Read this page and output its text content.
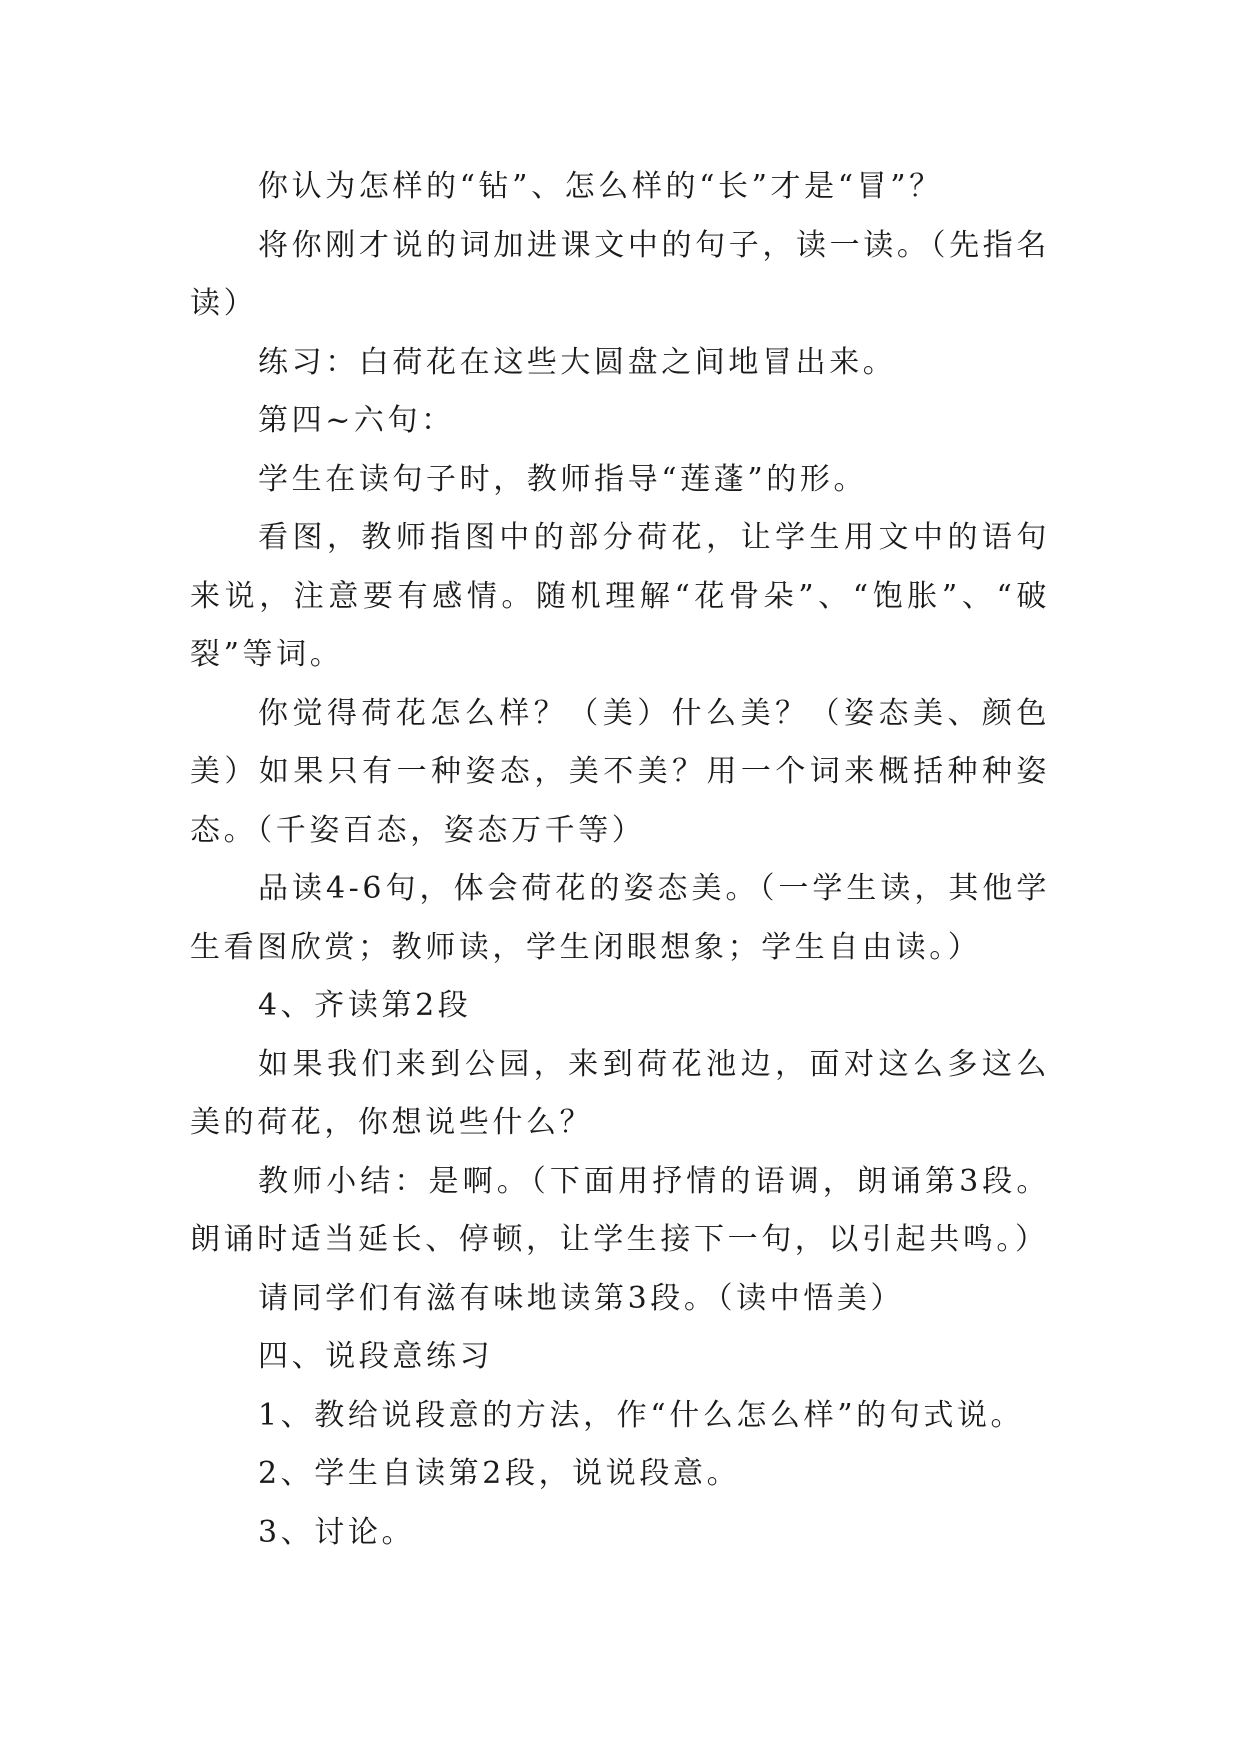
你认为怎样的“钻”、怎么样的“长”才是“冒”？

将你刚才说的词加进课文中的句子，读一读。（先指名读）

练习：白荷花在这些大圆盘之间地冒出来。

第四~六句：

学生在读句子时，教师指导“莲蓬”的形。

看图，教师指图中的部分荷花，让学生用文中的语句来说，注意要有感情。随机理解“花骨朵”、“饱胀”、“破裂”等词。

你觉得荷花怎么样？（美）什么美？（姿态美、颜色美）如果只有一种姿态，美不美？用一个词来概括种种姿态。（千姿百态，姿态万千等）

品读4-6句，体会荷花的姿态美。（一学生读，其他学生看图欣赏；教师读，学生闭眼想象；学生自由读。）

4、齐读第2段

如果我们来到公园，来到荷花池边，面对这么多这么美的荷花，你想说些什么？

教师小结：是啊。（下面用抒情的语调，朗诵第3段。朗诵时适当延长、停顿，让学生接下一句，以引起共鸣。）

请同学们有滋有味地读第3段。（读中悟美）

四、说段意练习

1、教给说段意的方法，作“什么怎么样”的句式说。

2、学生自读第2段，说说段意。

3、讨论。
